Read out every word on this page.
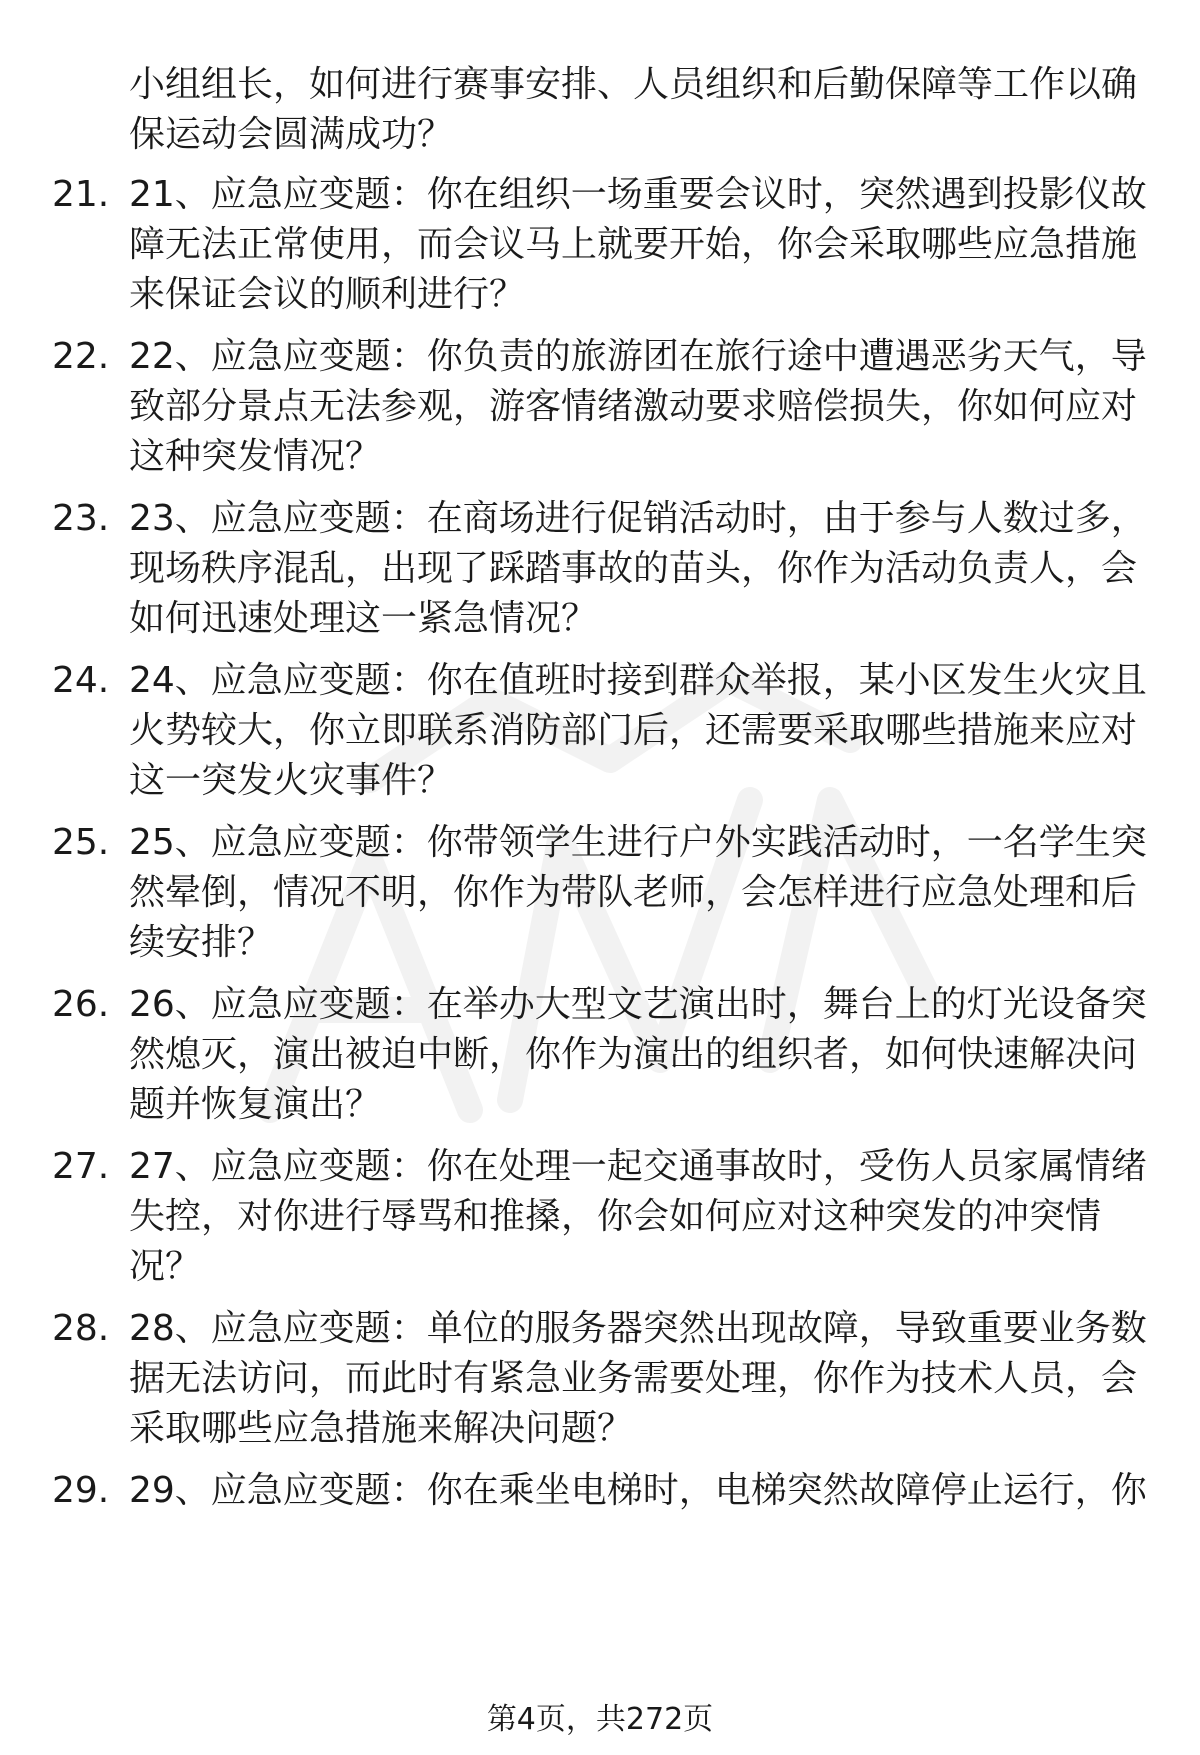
小组组长，如何进行赛事安排、人员组织和后勤保障等工作以确
保运动会圆满成功？
21. 21、应急应变题：你在组织一场重要会议时，突然遇到投影仪故
障无法正常使用，而会议马上就要开始，你会采取哪些应急措施
来保证会议的顺利进行？
22. 22、应急应变题：你负责的旅游团在旅行途中遭遇恶劣天气，导
致部分景点无法参观，游客情绪激动要求赔偿损失，你如何应对
这种突发情况？
23. 23、应急应变题：在商场进行促销活动时，由于参与人数过多，
现场秩序混乱，出现了踩踏事故的苗头，你作为活动负责人，会
如何迅速处理这一紧急情况？
24. 24、应急应变题：你在值班时接到群众举报，某小区发生火灾且
火势较大，你立即联系消防部门后，还需要采取哪些措施来应对
这一突发火灾事件？
25. 25、应急应变题：你带领学生进行户外实践活动时，一名学生突
然晕倒，情况不明，你作为带队老师，会怎样进行应急处理和后
续安排？
26. 26、应急应变题：在举办大型文艺演出时，舞台上的灯光设备突
然熄灭，演出被迫中断，你作为演出的组织者，如何快速解决问
题并恢复演出？
27. 27、应急应变题：你在处理一起交通事故时，受伤人员家属情绪
失控，对你进行辱骂和推搡，你会如何应对这种突发的冲突情
况？
28. 28、应急应变题：单位的服务器突然出现故障，导致重要业务数
据无法访问，而此时有紧急业务需要处理，你作为技术人员，会
采取哪些应急措施来解决问题？
29. 29、应急应变题：你在乘坐电梯时，电梯突然故障停止运行，你
第4页，共272页
